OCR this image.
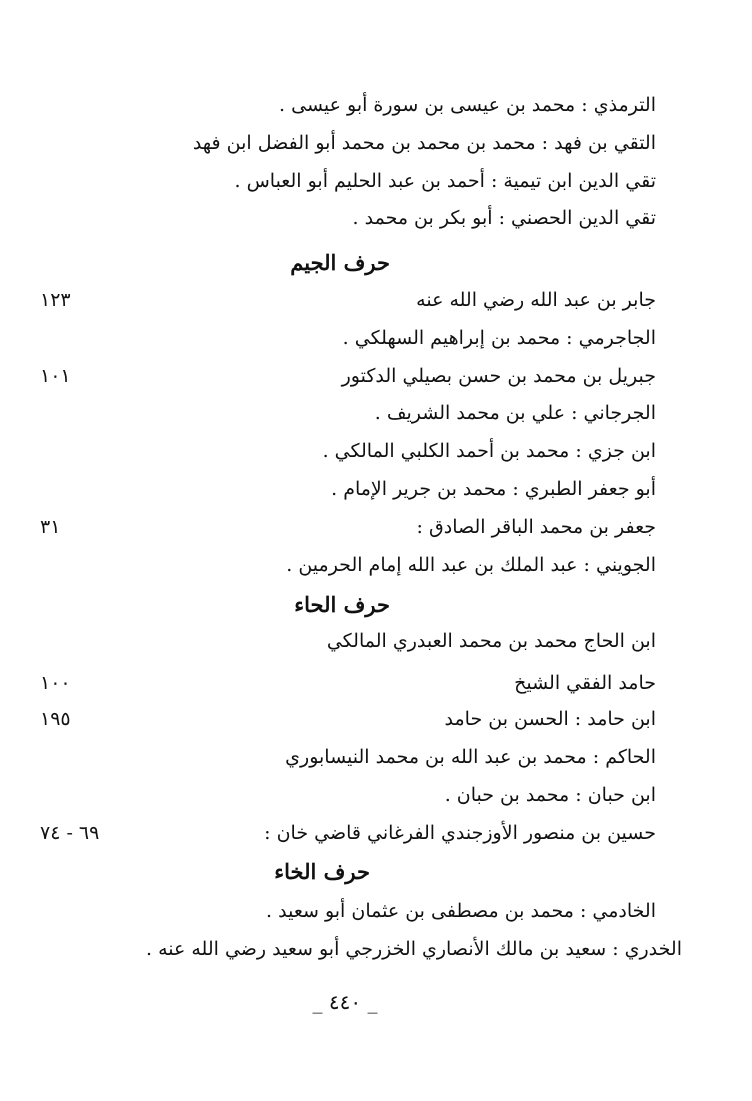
الترمذي : محمد بن عيسى بن سورة أبو عيسى .
التقي بن فهد : محمد بن محمد بن محمد أبو الفضل ابن فهد
تقي الدين ابن تيمية : أحمد بن عبد الحليم أبو العباس .
تقي الدين الحصني : أبو بكر بن محمد .
حرف الجيم
جابر بن عبد الله رضي الله عنه
١٢٣
الجاجرمي : محمد بن إبراهيم السهلكي .
جبريل بن محمد بن حسن بصيلي الدكتور
١٠١
الجرجاني : علي بن محمد الشريف .
ابن جزي : محمد بن أحمد الكلبي المالكي .
أبو جعفر الطبري : محمد بن جرير الإمام .
جعفر بن محمد الباقر الصادق :
٣١
الجويني : عبد الملك بن عبد الله إمام الحرمين .
حرف الحاء
ابن الحاج محمد بن محمد العبدري المالكي
حامد الفقي الشيخ
١٠٠
ابن حامد : الحسن بن حامد
١٩٥
الحاكم : محمد بن عبد الله بن محمد النيسابوري
ابن حبان : محمد بن حبان .
حسين بن منصور الأوزجندي الفرغاني قاضي خان :
٦٩ - ٧٤
حرف الخاء
الخادمي : محمد بن مصطفى بن عثمان أبو سعيد .
الخدري : سعيد بن مالك الأنصاري الخزرجي أبو سعيد رضي الله عنه .
_ ٤٤٠ _
